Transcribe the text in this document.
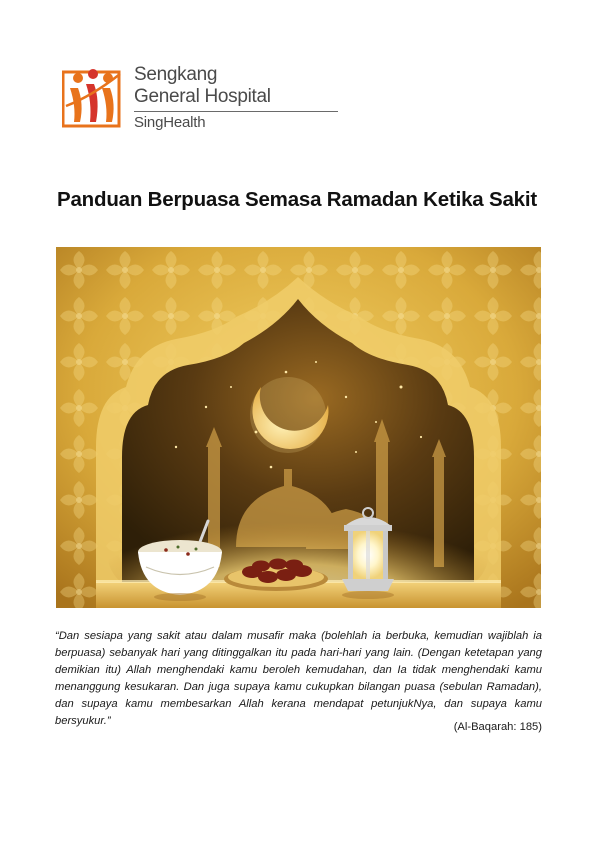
Sengkang
General Hospital
SingHealth
Panduan Berpuasa Semasa Ramadan Ketika Sakit

“Dan sesiapa yang sakit atau dalam musafir maka (bolehlah ia berbuka, kemudian wajiblah ia berpuasa) sebanyak hari yang ditinggalkan itu pada hari-hari yang lain. (Dengan ketetapan yang demikian itu) Allah menghendaki kamu beroleh kemudahan, dan Ia tidak menghendaki kamu menanggung kesukaran. Dan juga supaya kamu cukupkan bilangan puasa (sebulan Ramadan), dan supaya kamu membesarkan Allah kerana mendapat petunjukNya, dan supaya kamu bersyukur.”

(Al-Baqarah: 185)
